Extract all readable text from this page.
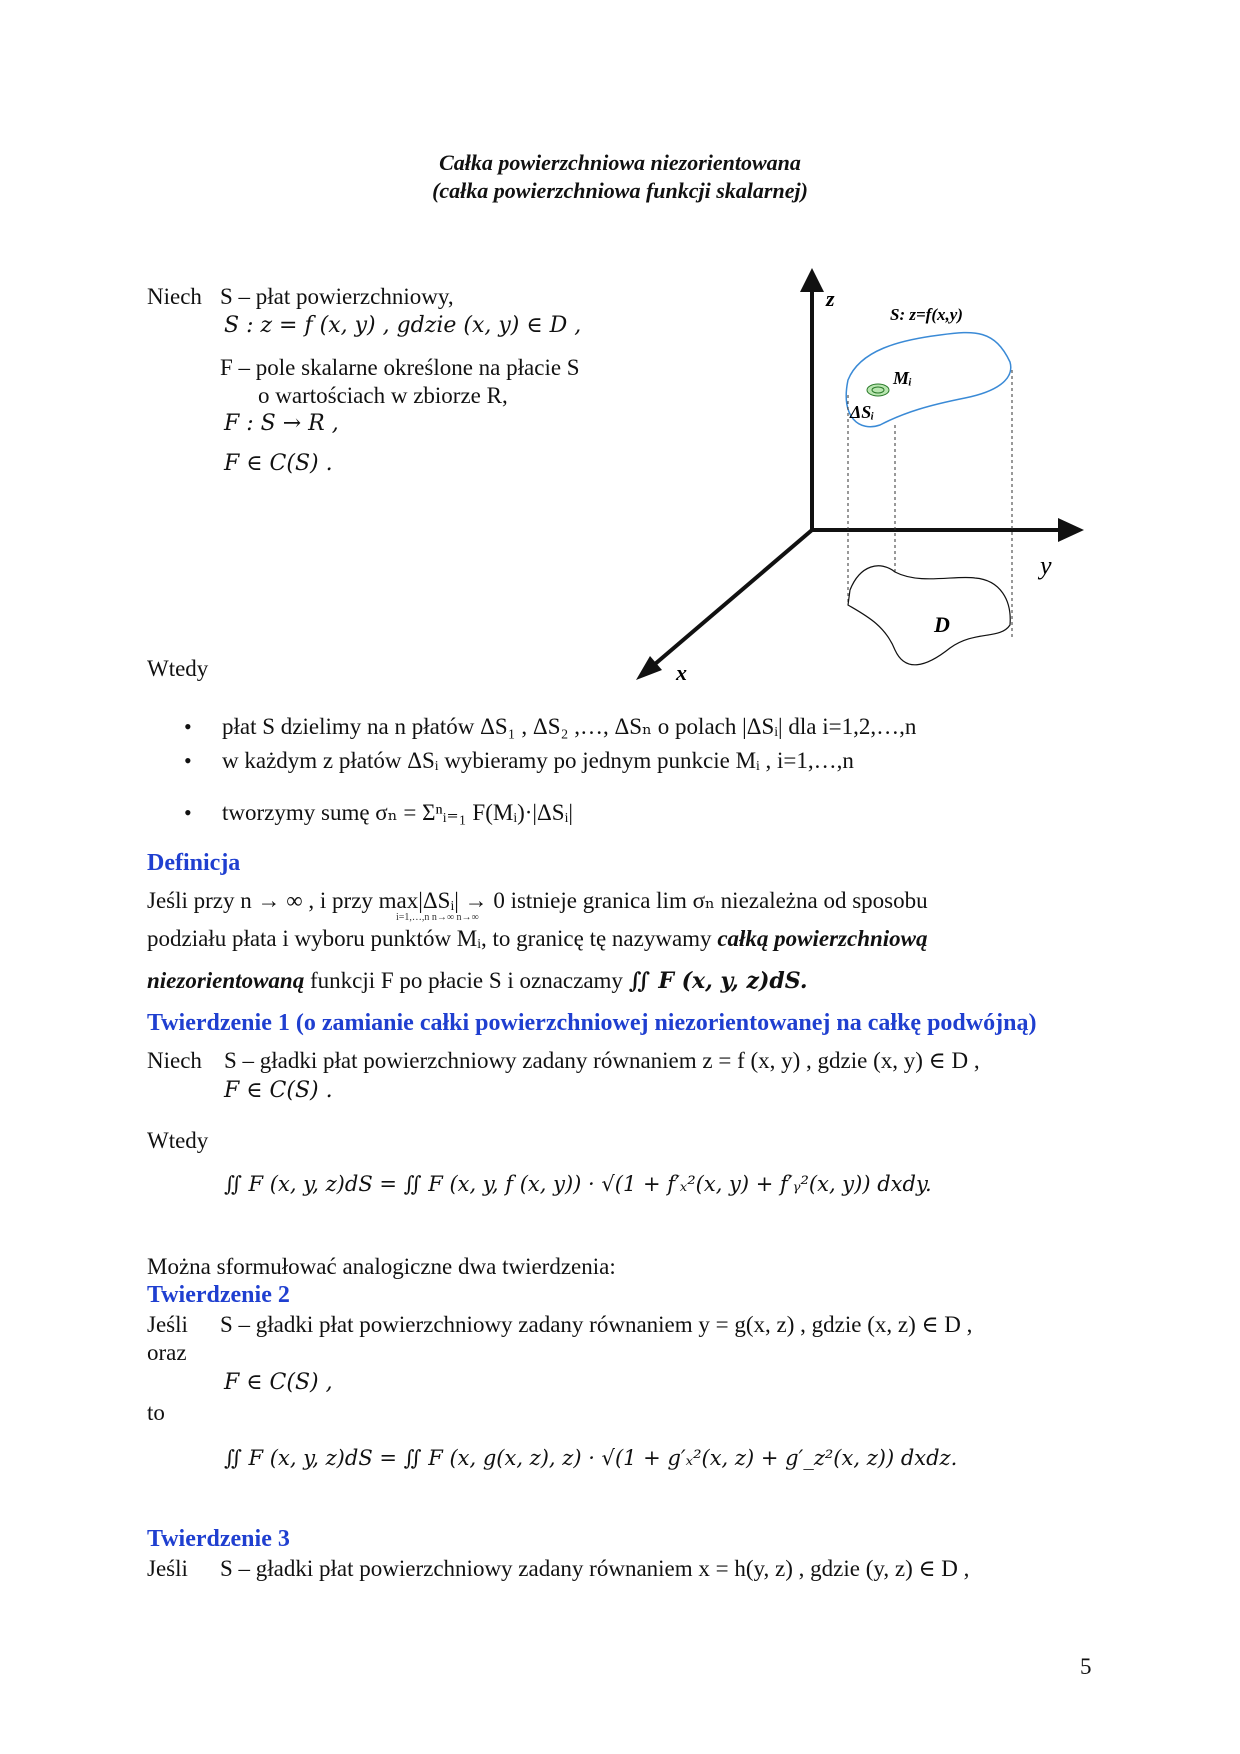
Całka powierzchniowa niezorientowana
(całka powierzchniowa funkcji skalarnej)
Niech S – płat powierzchniowy,
S : z = f (x, y) , gdzie (x, y) ∈ D ,
F – pole skalarne określone na płacie S
o wartościach w zbiorze R,
F : S → R ,
F ∈ C(S) .
z
y
x
S: z=f(x,y)
Mᵢ
ΔSᵢ
D
Wtedy
• płat S dzielimy na n płatów ΔS₁ , ΔS₂ ,…, ΔSₙ o polach |ΔSᵢ| dla i=1,2,…,n
• w każdym z płatów ΔSᵢ wybieramy po jednym punkcie Mᵢ , i=1,…,n
• tworzymy sumę σₙ = Σⁿᵢ₌₁ F(Mᵢ)·|ΔSᵢ|
Definicja
Jeśli przy n → ∞ , i przy max|ΔSᵢ| → 0 istnieje granica lim σₙ niezależna od sposobu
i=1,…,n n→∞ n→∞
podziału płata i wyboru punktów Mᵢ, to granicę tę nazywamy całką powierzchniową
niezorientowaną funkcji F po płacie S i oznaczamy ∬ F (x, y, z)dS.
Twierdzenie 1 (o zamianie całki powierzchniowej niezorientowanej na całkę podwójną)
Niech S – gładki płat powierzchniowy zadany równaniem z = f (x, y) , gdzie (x, y) ∈ D ,
F ∈ C(S) .
Wtedy
∬ F (x, y, z)dS = ∬ F (x, y, f (x, y)) · √(1 + f′ₓ²(x, y) + f′ᵧ²(x, y)) dxdy.
Można sformułować analogiczne dwa twierdzenia:
Twierdzenie 2
Jeśli S – gładki płat powierzchniowy zadany równaniem y = g(x, z) , gdzie (x, z) ∈ D ,
oraz
F ∈ C(S) ,
to
∬ F (x, y, z)dS = ∬ F (x, g(x, z), z) · √(1 + g′ₓ²(x, z) + g′_z²(x, z)) dxdz.
Twierdzenie 3
Jeśli S – gładki płat powierzchniowy zadany równaniem x = h(y, z) , gdzie (y, z) ∈ D ,
5
